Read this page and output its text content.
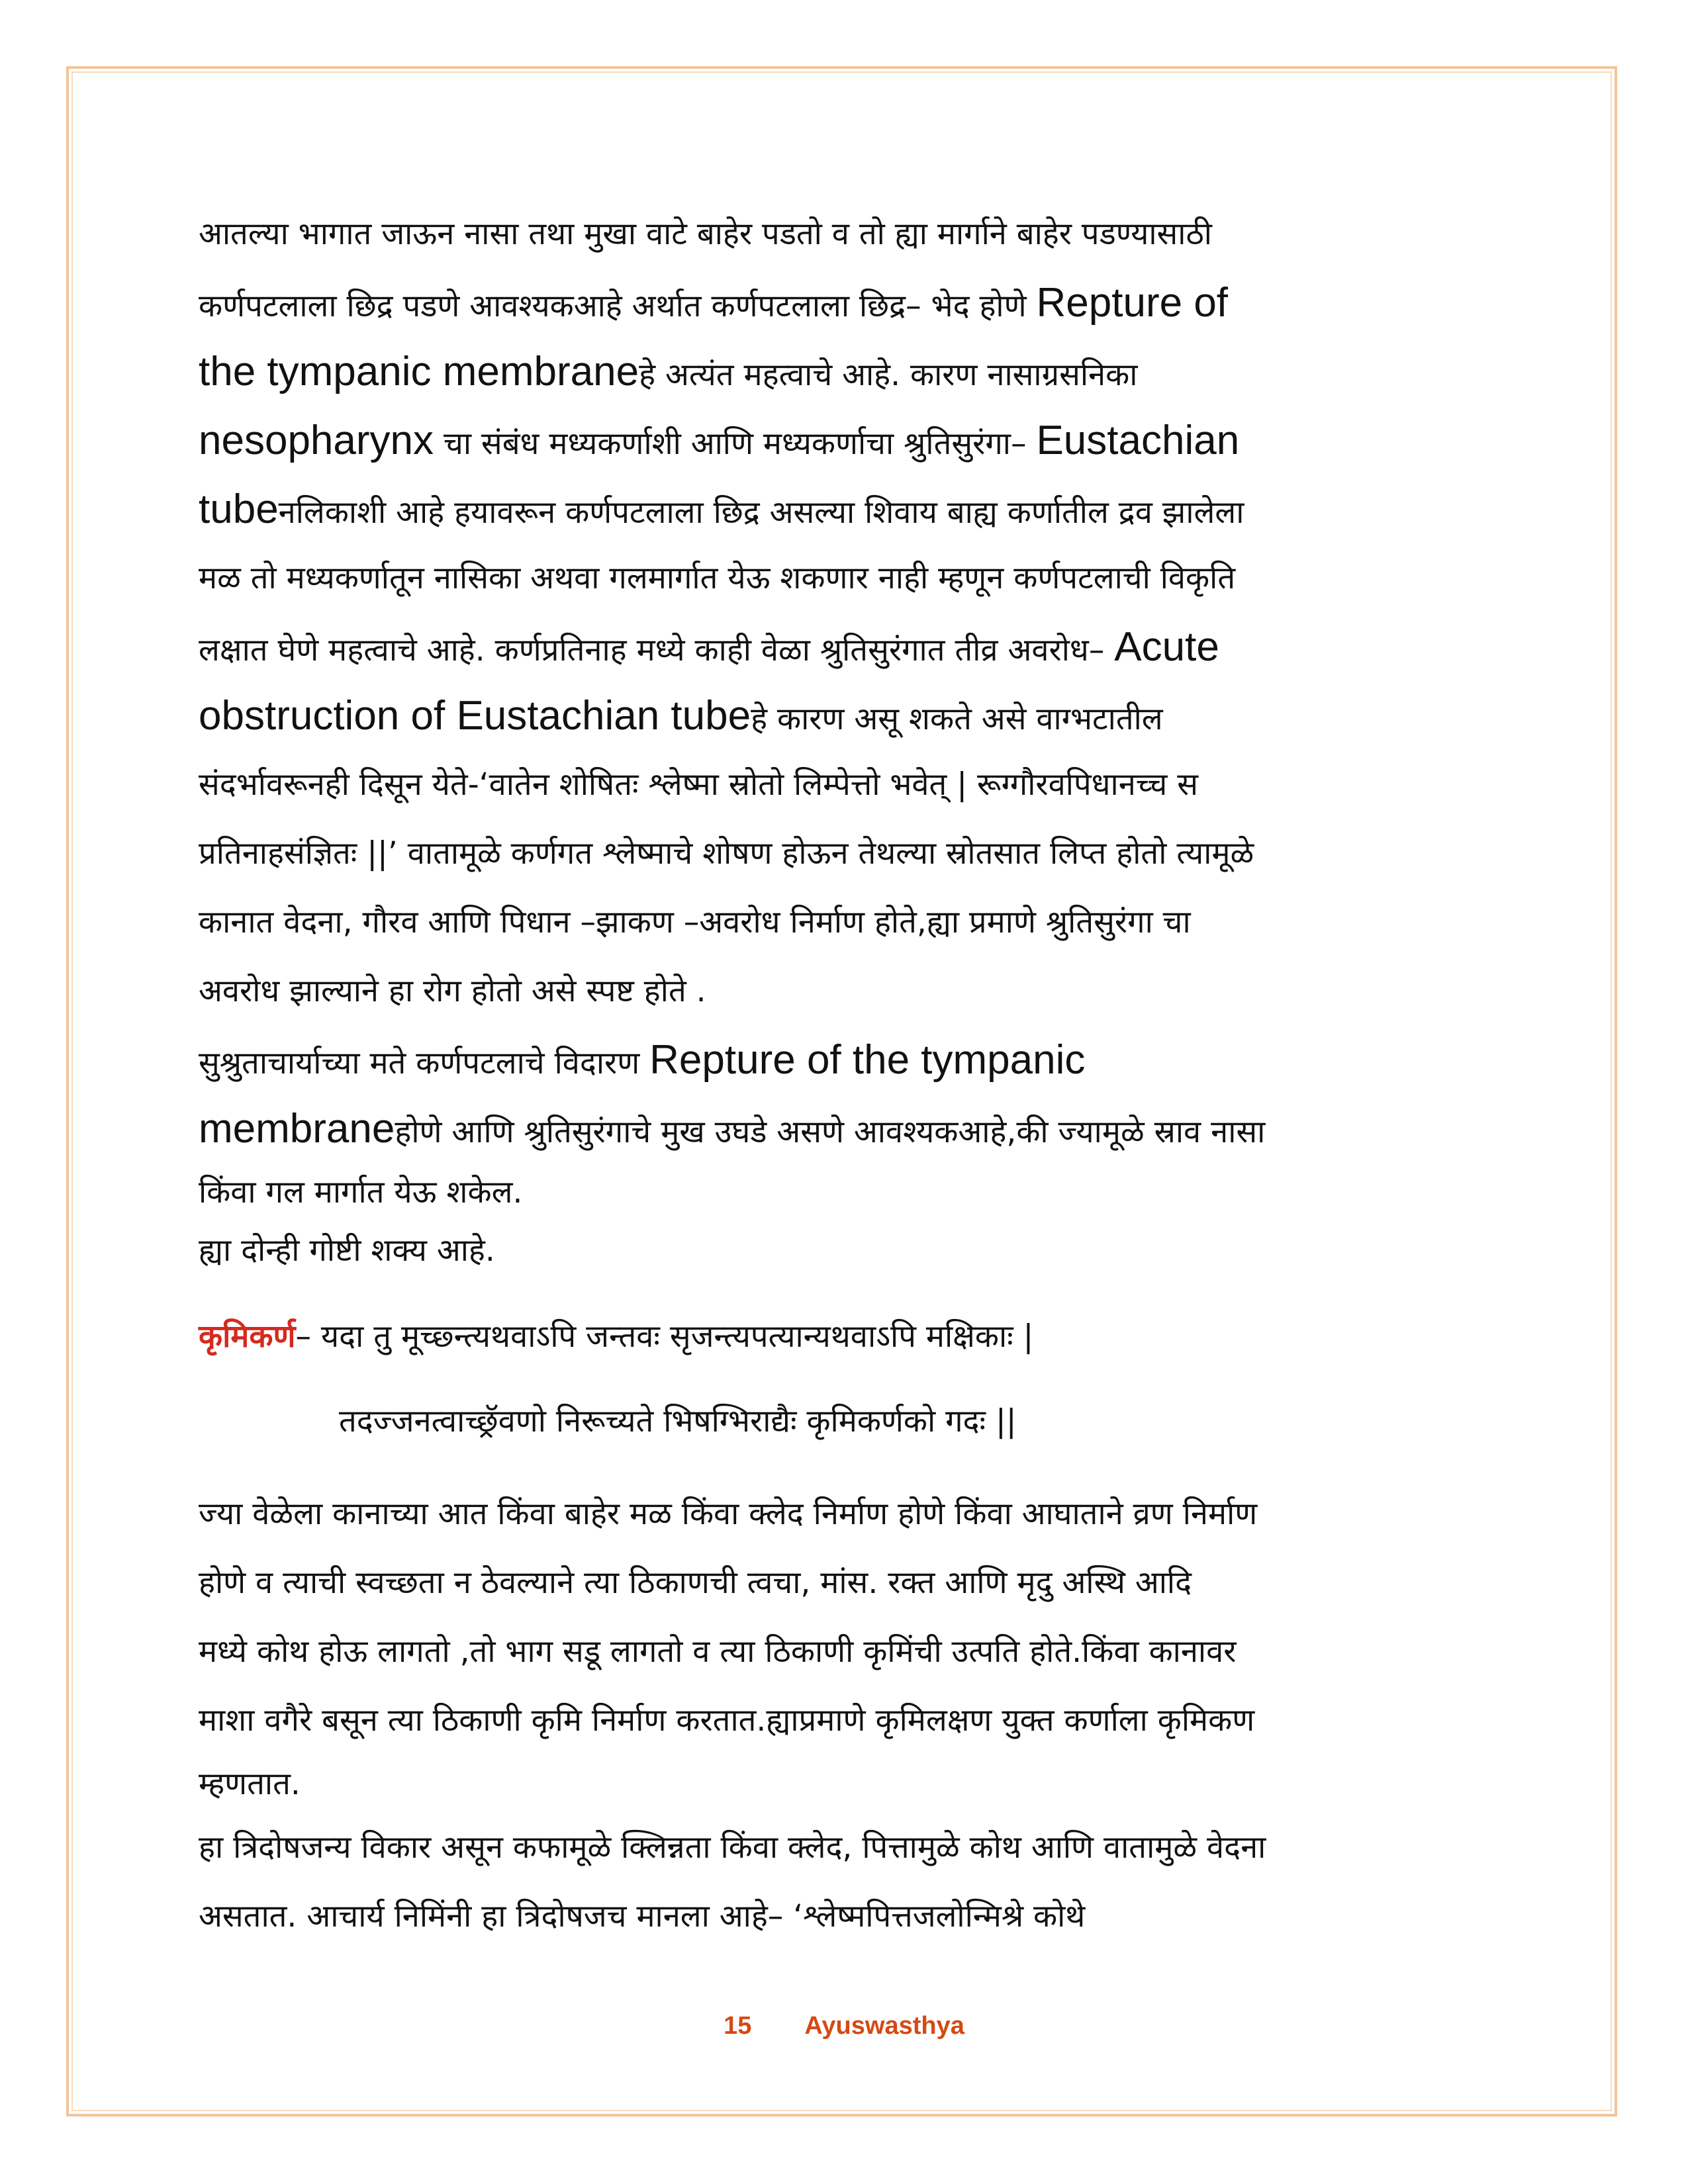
आतल्या भागात जाऊन नासा तथा मुखा वाटे बाहेर पडतो व तो ह्या मार्गाने बाहेर पडण्यासाठी
कर्णपटलाला छिद्र पडणे आवश्यकआहे अर्थात कर्णपटलाला छिद्र– भेद होणे Repture of
the tympanic membraneहे अत्यंत महत्वाचे आहे. कारण नासाग्रसनिका
nesopharynx चा संबंध मध्यकर्णाशी आणि मध्यकर्णाचा श्रुतिसुरंगा– Eustachian
tubeनलिकाशी आहे हयावरून कर्णपटलाला छिद्र असल्या शिवाय बाह्य कर्णातील द्रव झालेला
मळ तो मध्यकर्णातून नासिका अथवा गलमार्गात येऊ शकणार नाही म्हणून कर्णपटलाची विकृति
लक्षात घेणे महत्वाचे आहे. कर्णप्रतिनाह मध्ये काही वेळा श्रुतिसुरंगात तीव्र अवरोध– Acute
obstruction of Eustachian tubeहे कारण असू शकते असे वाग्भटातील
संदर्भावरूनही दिसून येते-‘वातेन शोषितः श्लेष्मा स्रोतो लिम्पेत्तो भवेत् | रूग्गौरवपिधानच्च स
प्रतिनाहसंज्ञितः ||’ वातामूळे कर्णगत श्लेष्माचे शोषण होऊन तेथल्या स्रोतसात लिप्त होतो त्यामूळे
कानात वेदना, गौरव आणि पिधान –झाकण –अवरोध निर्माण होते,ह्या प्रमाणे श्रुतिसुरंगा चा
अवरोध झाल्याने हा रोग होतो असे स्पष्ट होते .
सुश्रुताचार्याच्या मते कर्णपटलाचे विदारण Repture of the tympanic
membraneहोणे आणि श्रुतिसुरंगाचे मुख उघडे असणे आवश्यकआहे,की ज्यामूळे स्राव नासा
किंवा गल मार्गात येऊ शकेल.
ह्या दोन्ही गोष्टी शक्य आहे.
कृमिकर्ण– यदा तु मूच्छ्न्त्यथवाऽपि जन्तवः सृजन्त्यपत्यान्यथवाऽपि मक्षिकाः |
तदज्जनत्वाच्छ्रॅवणो निरूच्यते भिषग्भिराद्यैः कृमिकर्णको गदः ||
ज्या वेळेला कानाच्या आत किंवा बाहेर मळ किंवा क्लेद निर्माण होणे किंवा आघाताने व्रण निर्माण
होणे व त्याची स्वच्छता न ठेवल्याने त्या ठिकाणची त्वचा, मांस. रक्त आणि मृदु अस्थि आदि
मध्ये कोथ होऊ लागतो ,तो भाग सडू लागतो व त्या ठिकाणी कृमिंची उत्पति होते.किंवा कानावर
माशा वगैरे बसून त्या ठिकाणी कृमि निर्माण करतात.ह्याप्रमाणे कृमिलक्षण युक्त कर्णाला कृमिकण
म्हणतात.
हा त्रिदोषजन्य विकार असून कफामूळे क्लिन्नता किंवा क्लेद, पित्तामुळे कोथ आणि वातामुळे वेदना
असतात. आचार्य निमिंनी हा त्रिदोषजच मानला आहे– ‘श्लेष्मपित्तजलोन्मिश्रे कोथे
15 Ayuswasthya
